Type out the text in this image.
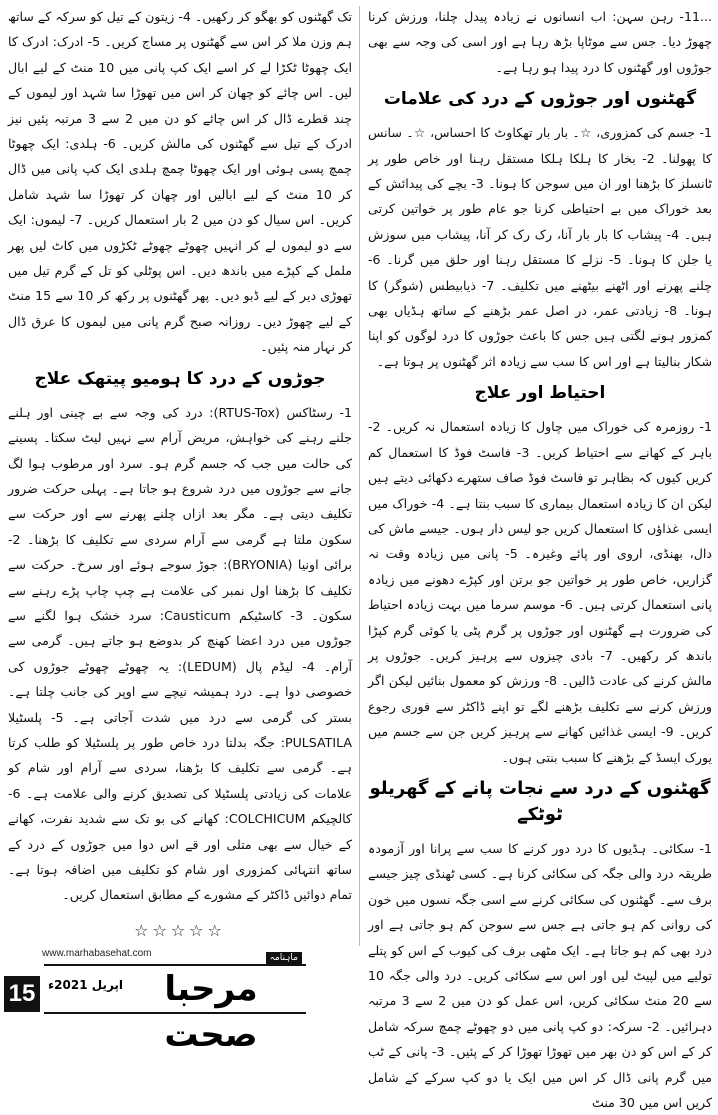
...11- رہن سہن: اب انسانوں نے زیادہ پیدل چلنا، ورزش کرنا چھوڑ دیا۔ جس سے موٹاپا بڑھ رہا ہے اور اسی کی وجہ سے بھی جوڑوں اور گھٹنوں کا درد پیدا ہو رہا ہے۔

گھٹنوں اور جوڑوں کے درد کی علامات

1- جسم کی کمزوری، ☆۔ بار بار تھکاوٹ کا احساس، ☆۔ سانس کا پھولنا۔ 2- بخار کا ہلکا ہلکا مستقل رہنا اور خاص طور پر ٹانسلز کا بڑھنا اور ان میں سوجن کا ہونا۔ 3- بچے کی پیدائش کے بعد خوراک میں بے احتیاطی کرنا جو عام طور پر خواتین کرتی ہیں۔ 4- پیشاب کا بار بار آنا، رک رک کر آنا، پیشاب میں سوزش یا جلن کا ہونا۔ 5- نزلے کا مستقل رہنا اور حلق میں گرنا۔ 6- چلنے پھرنے اور اٹھنے بیٹھنے میں تکلیف۔ 7- ذیابیطس (شوگر) کا ہونا۔ 8- زیادتی عمر، در اصل عمر بڑھنے کے ساتھ ہڈیاں بھی کمزور ہونے لگتی ہیں جس کا باعث جوڑوں کا درد لوگوں کو اپنا شکار بنالیتا ہے اور اس کا سب سے زیادہ اثر گھٹنوں پر ہوتا ہے۔

احتیاط اور علاج

1- روزمرہ کی خوراک میں چاول کا زیادہ استعمال نہ کریں۔ 2- باہر کے کھانے سے احتیاط کریں۔ 3- فاسٹ فوڈ کا استعمال کم کریں کیوں کہ بظاہر تو فاسٹ فوڈ صاف ستھرے دکھائی دیتے ہیں لیکن ان کا زیادہ استعمال بیماری کا سبب بنتا ہے۔ 4- خوراک میں ایسی غذاؤں کا استعمال کریں جو لیس دار ہوں۔ جیسے ماش کی دال، بھنڈی، اروی اور پائے وغیرہ۔ 5- پانی میں زیادہ وقت نہ گزاریں، خاص طور پر خواتین جو برتن اور کپڑے دھونے میں زیادہ پانی استعمال کرتی ہیں۔ 6- موسم سرما میں بہت زیادہ احتیاط کی ضرورت ہے گھٹنوں اور جوڑوں پر گرم پٹی یا کوئی گرم کپڑا باندھ کر رکھیں۔ 7- بادی چیزوں سے پرہیز کریں۔ جوڑوں پر مالش کرنے کی عادت ڈالیں۔ 8- ورزش کو معمول بنائیں لیکن اگر ورزش کرنے سے تکلیف بڑھنے لگے تو اپنے ڈاکٹر سے فوری رجوع کریں۔ 9- ایسی غذائیں کھانے سے پرہیز کریں جن سے جسم میں یورک ایسڈ کے بڑھنے کا سبب بنتی ہوں۔

گھٹنوں کے درد سے نجات پانے کے گھریلو ٹوٹکے

1- سکائی۔ ہڈیوں کا درد دور کرنے کا سب سے پرانا اور آزمودہ طریقہ درد والی جگہ کی سکائی کرنا ہے۔ کسی ٹھنڈی چیز جیسے برف سے۔ گھٹنوں کی سکائی کرنے سے اسی جگہ نسوں میں خون کی روانی کم ہو جاتی ہے جس سے سوجن کم ہو جاتی ہے اور درد بھی کم ہو جاتا ہے۔ ایک مٹھی برف کی کیوب کے اس کو پتلے تولیے میں لپیٹ لیں اور اس سے سکائی کریں۔ درد والی جگہ 10 سے 20 منٹ سکائی کریں، اس عمل کو دن میں 2 سے 3 مرتبہ دہرائیں۔ 2- سرکہ: دو کپ پانی میں دو چھوٹے چمچ سرکہ شامل کر کے اس کو دن بھر میں تھوڑا تھوڑا کر کے پئیں۔ 3- پانی کے ٹب میں گرم پانی ڈال کر اس میں ایک یا دو کپ سرکے کے شامل کریں اس میں 30 منٹ

تک گھٹنوں کو بھگو کر رکھیں۔ 4- زیتون کے تیل کو سرکہ کے ساتھ ہم وزن ملا کر اس سے گھٹنوں پر مساج کریں۔ 5- ادرک: ادرک کا ایک چھوٹا ٹکڑا لے کر اسے ایک کپ پانی میں 10 منٹ کے لیے ابال لیں۔ اس چائے کو چھان کر اس میں تھوڑا سا شہد اور لیموں کے چند قطرے ڈال کر اس چائے کو دن میں 2 سے 3 مرتبہ پئیں نیز ادرک کے تیل سے گھٹنوں کی مالش کریں۔ 6- ہلدی: ایک چھوٹا چمچ پسی ہوئی اور ایک چھوٹا چمچ ہلدی ایک کپ پانی میں ڈال کر 10 منٹ کے لیے ابالیں اور چھان کر تھوڑا سا شہد شامل کریں۔ اس سیال کو دن میں 2 بار استعمال کریں۔ 7- لیموں: ایک سے دو لیموں لے کر انہیں چھوٹے چھوٹے ٹکڑوں میں کاٹ لیں پھر ململ کے کپڑے میں باندھ دیں۔ اس پوٹلی کو تل کے گرم تیل میں تھوڑی دیر کے لیے ڈبو دیں۔ پھر گھٹنوں پر رکھ کر 10 سے 15 منٹ کے لیے چھوڑ دیں۔ روزانہ صبح گرم پانی میں لیموں کا عرق ڈال کر نہار منہ پئیں۔

جوڑوں کے درد کا ہومیو پیتھک علاج

1- رسٹاکس (RTUS-Tox): درد کی وجہ سے بے چینی اور ہلنے جلنے رہنے کی خواہش، مریض آرام سے نہیں لیٹ سکتا۔ پسینے کی حالت میں جب کہ جسم گرم ہو۔ سرد اور مرطوب ہوا لگ جانے سے جوڑوں میں درد شروع ہو جاتا ہے۔ پہلی حرکت ضرور تکلیف دیتی ہے۔ مگر بعد ازاں چلنے پھرنے سے اور حرکت سے سکون ملتا ہے گرمی سے آرام سردی سے تکلیف کا بڑھنا۔ 2- برائی اونیا (BRYONIA): جوڑ سوجے ہوئے اور سرخ۔ حرکت سے تکلیف کا بڑھنا اول نمبر کی علامت ہے چپ چاپ پڑے رہنے سے سکون۔ 3- کاسٹیکم Causticum: سرد خشک ہوا لگنے سے جوڑوں میں درد اعضا کھنچ کر بدوضع ہو جاتے ہیں۔ گرمی سے آرام۔ 4- لیڈم پال (LEDUM): یہ چھوٹے چھوٹے جوڑوں کی خصوصی دوا ہے۔ درد ہمیشہ نیچے سے اوپر کی جانب چلتا ہے۔ بستر کی گرمی سے درد میں شدت آجاتی ہے۔ 5- پلسٹیلا PULSATILA: جگہ بدلتا درد خاص طور پر پلسٹیلا کو طلب کرتا ہے۔ گرمی سے تکلیف کا بڑھنا، سردی سے آرام اور شام کو علامات کی زیادتی پلسٹیلا کی تصدیق کرنے والی علامت ہے۔ 6- کالچیکم COLCHICUM: کھانے کی بو تک سے شدید نفرت، کھانے کے خیال سے بھی متلی اور قے اس دوا میں جوڑوں کے درد کے ساتھ انتہائی کمزوری اور شام کو تکلیف میں اضافہ ہوتا ہے۔ تمام دوائیں ڈاکٹر کے مشورے کے مطابق استعمال کریں۔

☆☆☆☆☆
15
www.marhabasehat.com
اپریل 2021ء	مرحبا صحت
ماہنامہ
